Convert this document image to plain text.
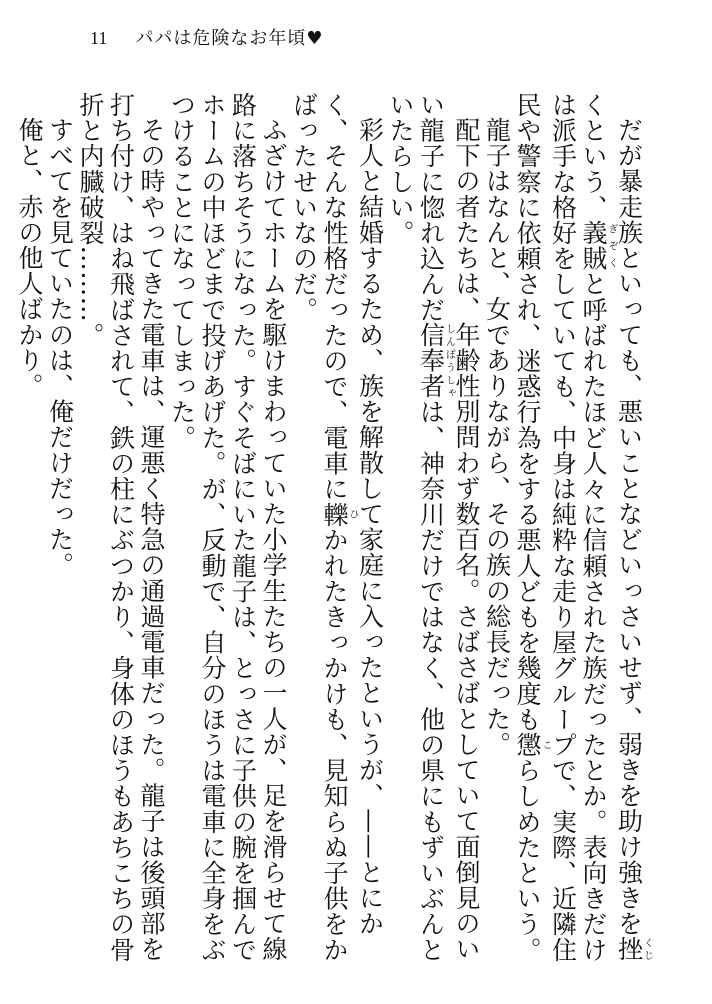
11 パパは危険なお年頃♥

だが暴走族といっても、悪いことなどいっさいせず、弱きを助け強きを挫くじくという、義賊ぎぞくと呼ばれたほど人々に信頼された族だったとか。表向きだけは派手な格好をしていても、中身は純粋な走り屋グループで、実際、近隣住民や警察に依頼され、迷惑行為をする悪人どもを幾度も懲こらしめたという。

龍子はなんと、女でありながら、その族の総長だった。

配下の者たちは、年齢性別問わず数百名。さばさばとしていて面倒見のいい龍子に惚れ込んだ信奉者しんぽうしゃは、神奈川だけではなく、他の県にもずいぶんといたらしい。

彩人と結婚するため、族を解散して家庭に入ったというが、——とにかく、そんな性格だったので、電車に轢ひかれたきっかけも、見知らぬ子供をかばったせいなのだ。

ふざけてホームを駆けまわっていた小学生たちの一人が、足を滑らせて線路に落ちそうになった。すぐそばにいた龍子は、とっさに子供の腕を掴んでホームの中ほどまで投げあげた。が、反動で、自分のほうは電車に全身をぶつけることになってしまった。

その時やってきた電車は、運悪く特急の通過電車だった。龍子は後頭部を打ち付け、はね飛ばされて、鉄の柱にぶつかり、身体のほうもあちこちの骨折と内臓破裂………。

すべてを見ていたのは、俺だけだった。

俺と、赤の他人ばかり。
